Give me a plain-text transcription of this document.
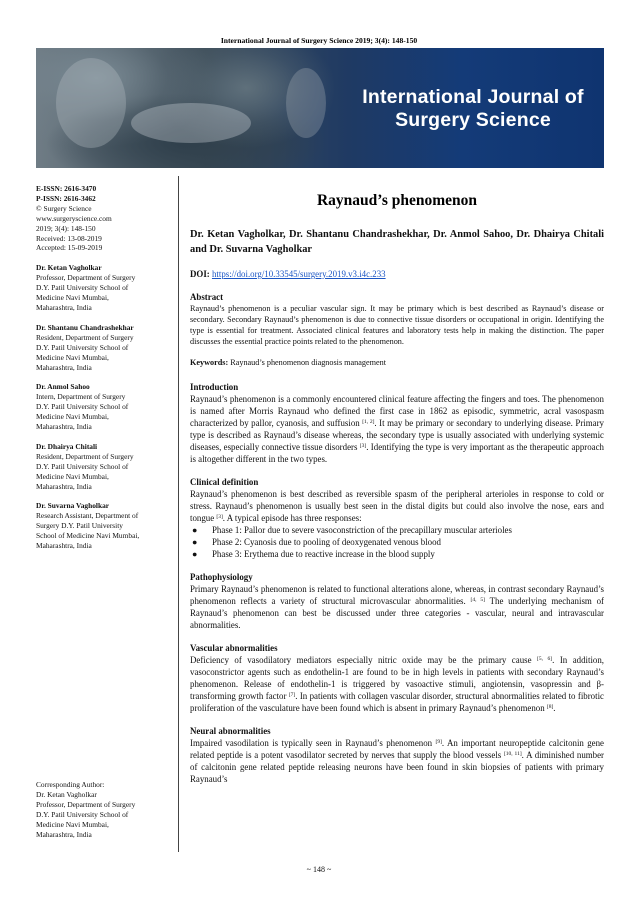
International Journal of Surgery Science 2019; 3(4): 148-150
International Journal of
Surgery Science
E-ISSN: 2616-3470
P-ISSN: 2616-3462
© Surgery Science
www.surgeryscience.com
2019; 3(4): 148-150
Received: 13-08-2019
Accepted: 15-09-2019
Dr. Ketan Vagholkar
Professor, Department of Surgery
D.Y. Patil University School of
Medicine Navi Mumbai,
Maharashtra, India
Dr. Shantanu Chandrashekhar
Resident, Department of Surgery
D.Y. Patil University School of
Medicine Navi Mumbai,
Maharashtra, India
Dr. Anmol Sahoo
Intern, Department of Surgery
D.Y. Patil University School of
Medicine Navi Mumbai,
Maharashtra, India
Dr. Dhairya Chitali
Resident, Department of Surgery
D.Y. Patil University School of
Medicine Navi Mumbai,
Maharashtra, India
Dr. Suvarna Vagholkar
Research Assistant, Department of
Surgery D.Y. Patil University
School of Medicine Navi Mumbai,
Maharashtra, India
Corresponding Author:
Dr. Ketan Vagholkar
Professor, Department of Surgery
D.Y. Patil University School of
Medicine Navi Mumbai,
Maharashtra, India
Raynaud’s phenomenon

Dr. Ketan Vagholkar, Dr. Shantanu Chandrashekhar, Dr. Anmol Sahoo, Dr. Dhairya Chitali and Dr. Suvarna Vagholkar

DOI: https://doi.org/10.33545/surgery.2019.v3.i4c.233

Abstract

Raynaud’s phenomenon is a peculiar vascular sign. It may be primary which is best described as Raynaud’s disease or secondary. Secondary Raynaud’s phenomenon is due to connective tissue disorders or occupational in origin. Identifying the type is essential for treatment. Associated clinical features and laboratory tests help in making the distinction. The paper discusses the essential practice points related to the phenomenon.

Keywords: Raynaud’s phenomenon diagnosis management

Introduction

Raynaud’s phenomenon is a commonly encountered clinical feature affecting the fingers and toes. The phenomenon is named after Morris Raynaud who defined the first case in 1862 as episodic, symmetric, acral vasospasm characterized by pallor, cyanosis, and suffusion [1, 2]. It may be primary or secondary to underlying disease. Primary type is described as Raynaud’s disease whereas, the secondary type is usually associated with underlying systemic diseases, especially connective tissue disorders [3]. Identifying the type is very important as the therapeutic approach is altogether different in the two types.

Clinical definition

Raynaud’s phenomenon is best described as reversible spasm of the peripheral arterioles in response to cold or stress. Raynaud’s phenomenon is usually best seen in the distal digits but could also involve the nose, ears and tongue [3]. A typical episode has three responses:

● Phase 1: Pallor due to severe vasoconstriction of the precapillary muscular arterioles
● Phase 2: Cyanosis due to pooling of deoxygenated venous blood
● Phase 3: Erythema due to reactive increase in the blood supply

Pathophysiology

Primary Raynaud’s phenomenon is related to functional alterations alone, whereas, in contrast secondary Raynaud’s phenomenon reflects a variety of structural microvascular abnormalities. [4, 5] The underlying mechanism of Raynaud’s phenomenon can best be discussed under three categories - vascular, neural and intravascular abnormalities.

Vascular abnormalities

Deficiency of vasodilatory mediators especially nitric oxide may be the primary cause [5, 6]. In addition, vasoconstrictor agents such as endothelin-1 are found to be in high levels in patients with secondary Raynaud’s phenomenon. Release of endothelin-1 is triggered by vasoactive stimuli, angiotensin, vasopressin and β-transforming growth factor [7]. In patients with collagen vascular disorder, structural abnormalities related to fibrotic proliferation of the vasculature have been found which is absent in primary Raynaud’s phenomenon [8].

Neural abnormalities

Impaired vasodilation is typically seen in Raynaud’s phenomenon [9]. An important neuropeptide calcitonin gene related peptide is a potent vasodilator secreted by nerves that supply the blood vessels [10, 11]. A diminished number of calcitonin gene related peptide releasing neurons have been found in skin biopsies of patients with primary Raynaud’s

~ 148 ~
